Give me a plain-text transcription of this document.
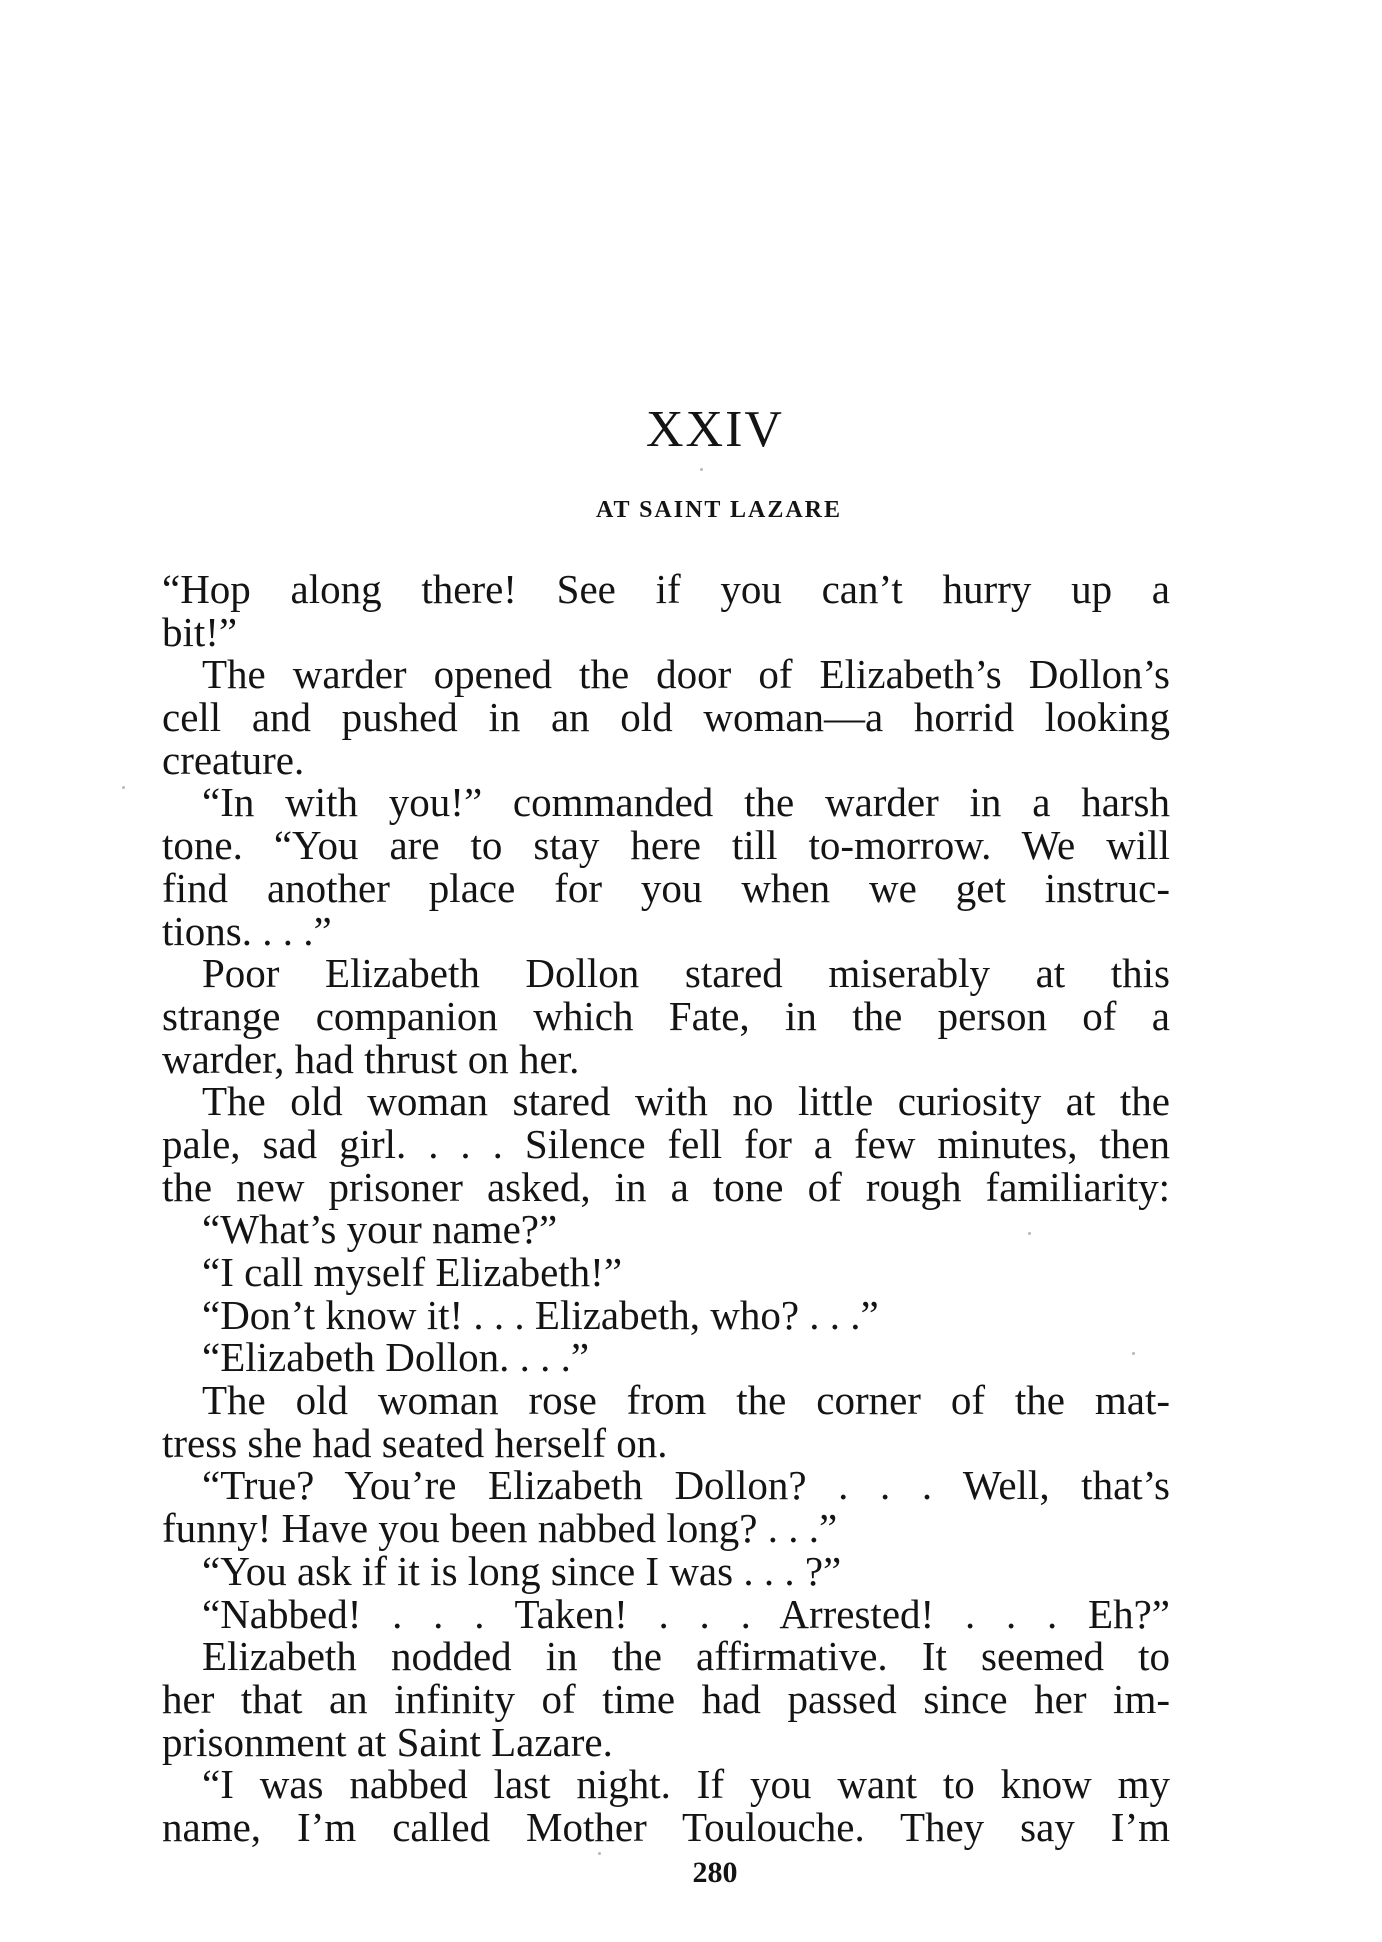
XXIV
AT SAINT LAZARE
“Hop along there! See if you can’t hurry up a
bit!”
The warder opened the door of Elizabeth’s Dollon’s
cell and pushed in an old woman—a horrid looking
creature.
“In with you!” commanded the warder in a harsh
tone. “You are to stay here till to-morrow. We will
find another place for you when we get instruc-
tions. . . .”
Poor Elizabeth Dollon stared miserably at this
strange companion which Fate, in the person of a
warder, had thrust on her.
The old woman stared with no little curiosity at the
pale, sad girl. . . . Silence fell for a few minutes, then
the new prisoner asked, in a tone of rough familiarity:
“What’s your name?”
“I call myself Elizabeth!”
“Don’t know it! . . . Elizabeth, who? . . .”
“Elizabeth Dollon. . . .”
The old woman rose from the corner of the mat-
tress she had seated herself on.
“True? You’re Elizabeth Dollon? . . . Well, that’s
funny! Have you been nabbed long? . . .”
“You ask if it is long since I was . . . ?”
“Nabbed! . . . Taken! . . . Arrested! . . . Eh?”
Elizabeth nodded in the affirmative. It seemed to
her that an infinity of time had passed since her im-
prisonment at Saint Lazare.
“I was nabbed last night. If you want to know my
name, I’m called Mother Toulouche. They say I’m
280
